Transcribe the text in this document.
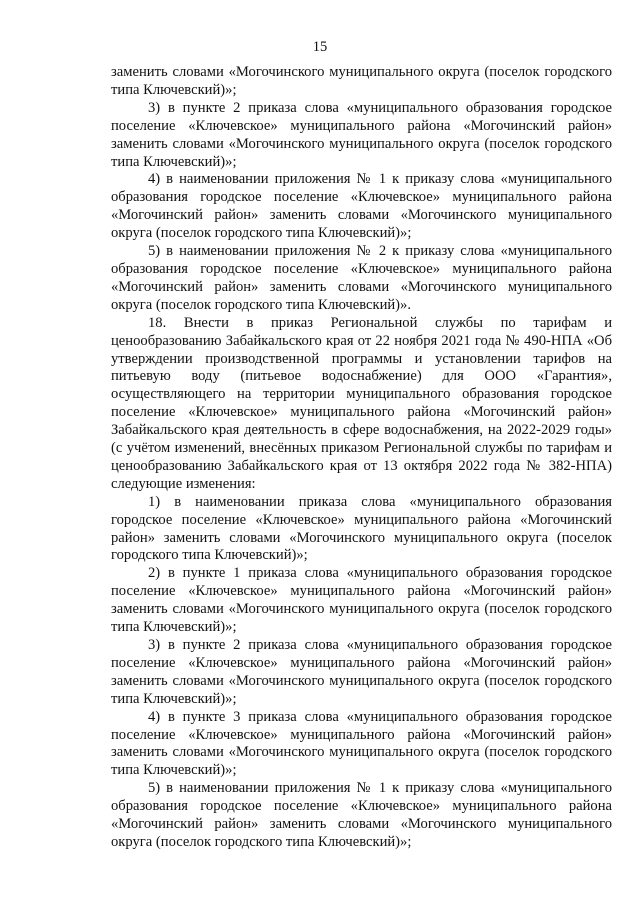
15

заменить словами «Могочинского муниципального округа (поселок городского типа Ключевский)»;

3) в пункте 2 приказа слова «муниципального образования городское поселение «Ключевское» муниципального района «Могочинский район» заменить словами «Могочинского муниципального округа (поселок городского типа Ключевский)»;

4) в наименовании приложения № 1 к приказу слова «муниципального образования городское поселение «Ключевское» муниципального района «Могочинский район» заменить словами «Могочинского муниципального округа (поселок городского типа Ключевский)»;

5) в наименовании приложения № 2 к приказу слова «муниципального образования городское поселение «Ключевское» муниципального района «Могочинский район» заменить словами «Могочинского муниципального округа (поселок городского типа Ключевский)».

18. Внести в приказ Региональной службы по тарифам и ценообразованию Забайкальского края от 22 ноября 2021 года № 490-НПА «Об утверждении производственной программы и установлении тарифов на питьевую воду (питьевое водоснабжение) для ООО «Гарантия», осуществляющего на территории муниципального образования городское поселение «Ключевское» муниципального района «Могочинский район» Забайкальского края деятельность в сфере водоснабжения, на 2022-2029 годы» (с учётом изменений, внесённых приказом Региональной службы по тарифам и ценообразованию Забайкальского края от 13 октября 2022 года № 382-НПА) следующие изменения:

1) в наименовании приказа слова «муниципального образования городское поселение «Ключевское» муниципального района «Могочинский район» заменить словами «Могочинского муниципального округа (поселок городского типа Ключевский)»;

2) в пункте 1 приказа слова «муниципального образования городское поселение «Ключевское» муниципального района «Могочинский район» заменить словами «Могочинского муниципального округа (поселок городского типа Ключевский)»;

3) в пункте 2 приказа слова «муниципального образования городское поселение «Ключевское» муниципального района «Могочинский район» заменить словами «Могочинского муниципального округа (поселок городского типа Ключевский)»;

4) в пункте 3 приказа слова «муниципального образования городское поселение «Ключевское» муниципального района «Могочинский район» заменить словами «Могочинского муниципального округа (поселок городского типа Ключевский)»;

5) в наименовании приложения № 1 к приказу слова «муниципального образования городское поселение «Ключевское» муниципального района «Могочинский район» заменить словами «Могочинского муниципального округа (поселок городского типа Ключевский)»;
